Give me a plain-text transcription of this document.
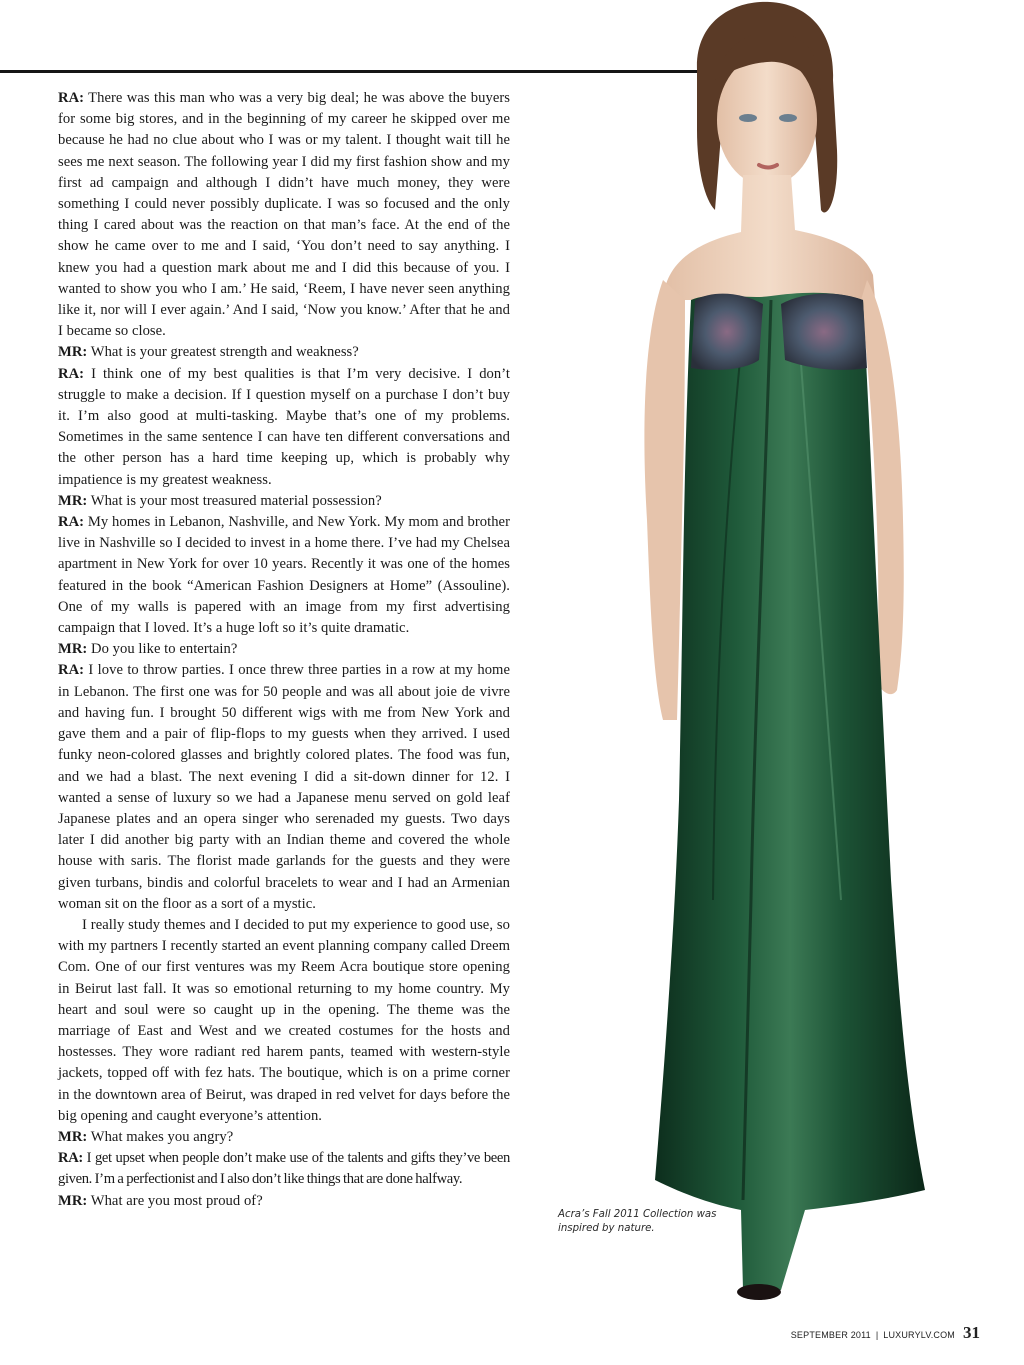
RA: There was this man who was a very big deal; he was above the buyers for some big stores, and in the beginning of my career he skipped over me because he had no clue about who I was or my talent. I thought wait till he sees me next season. The following year I did my first fashion show and my first ad campaign and although I didn’t have much money, they were something I could never possibly duplicate. I was so focused and the only thing I cared about was the reaction on that man’s face. At the end of the show he came over to me and I said, ‘You don’t need to say anything. I knew you had a question mark about me and I did this because of you. I wanted to show you who I am.’ He said, ‘Reem, I have never seen anything like it, nor will I ever again.’ And I said, ‘Now you know.’ After that he and I became so close.

MR: What is your greatest strength and weakness?

RA: I think one of my best qualities is that I’m very decisive. I don’t struggle to make a decision. If I question myself on a purchase I don’t buy it. I’m also good at multi-tasking. Maybe that’s one of my problems. Sometimes in the same sentence I can have ten different conversations and the other person has a hard time keeping up, which is probably why impatience is my greatest weakness.

MR: What is your most treasured material possession?

RA: My homes in Lebanon, Nashville, and New York. My mom and brother live in Nashville so I decided to invest in a home there. I’ve had my Chelsea apartment in New York for over 10 years. Recently it was one of the homes featured in the book “American Fashion Designers at Home” (Assouline). One of my walls is papered with an image from my first advertising campaign that I loved. It’s a huge loft so it’s quite dramatic.

MR: Do you like to entertain?

RA: I love to throw parties. I once threw three parties in a row at my home in Lebanon. The first one was for 50 people and was all about joie de vivre and having fun. I brought 50 different wigs with me from New York and gave them and a pair of flip-flops to my guests when they arrived. I used funky neon-colored glasses and brightly colored plates. The food was fun, and we had a blast. The next evening I did a sit-down dinner for 12. I wanted a sense of luxury so we had a Japanese menu served on gold leaf Japanese plates and an opera singer who serenaded my guests. Two days later I did another big party with an Indian theme and covered the whole house with saris. The florist made garlands for the guests and they were given turbans, bindis and colorful bracelets to wear and I had an Armenian woman sit on the floor as a sort of a mystic.

I really study themes and I decided to put my experience to good use, so with my partners I recently started an event planning company called Dreem Com. One of our first ventures was my Reem Acra boutique store opening in Beirut last fall. It was so emotional returning to my home country. My heart and soul were so caught up in the opening. The theme was the marriage of East and West and we created costumes for the hosts and hostesses. They wore radiant red harem pants, teamed with western-style jackets, topped off with fez hats. The boutique, which is on a prime corner in the downtown area of Beirut, was draped in red velvet for days before the big opening and caught everyone’s attention.

MR: What makes you angry?

RA: I get upset when people don’t make use of the talents and gifts they’ve been given. I’m a perfectionist and I also don’t like things that are done halfway.

MR: What are you most proud of?

Acra’s Fall 2011 Collection was inspired by nature.
SEPTEMBER 2011 | LUXURYLV.COM 31
